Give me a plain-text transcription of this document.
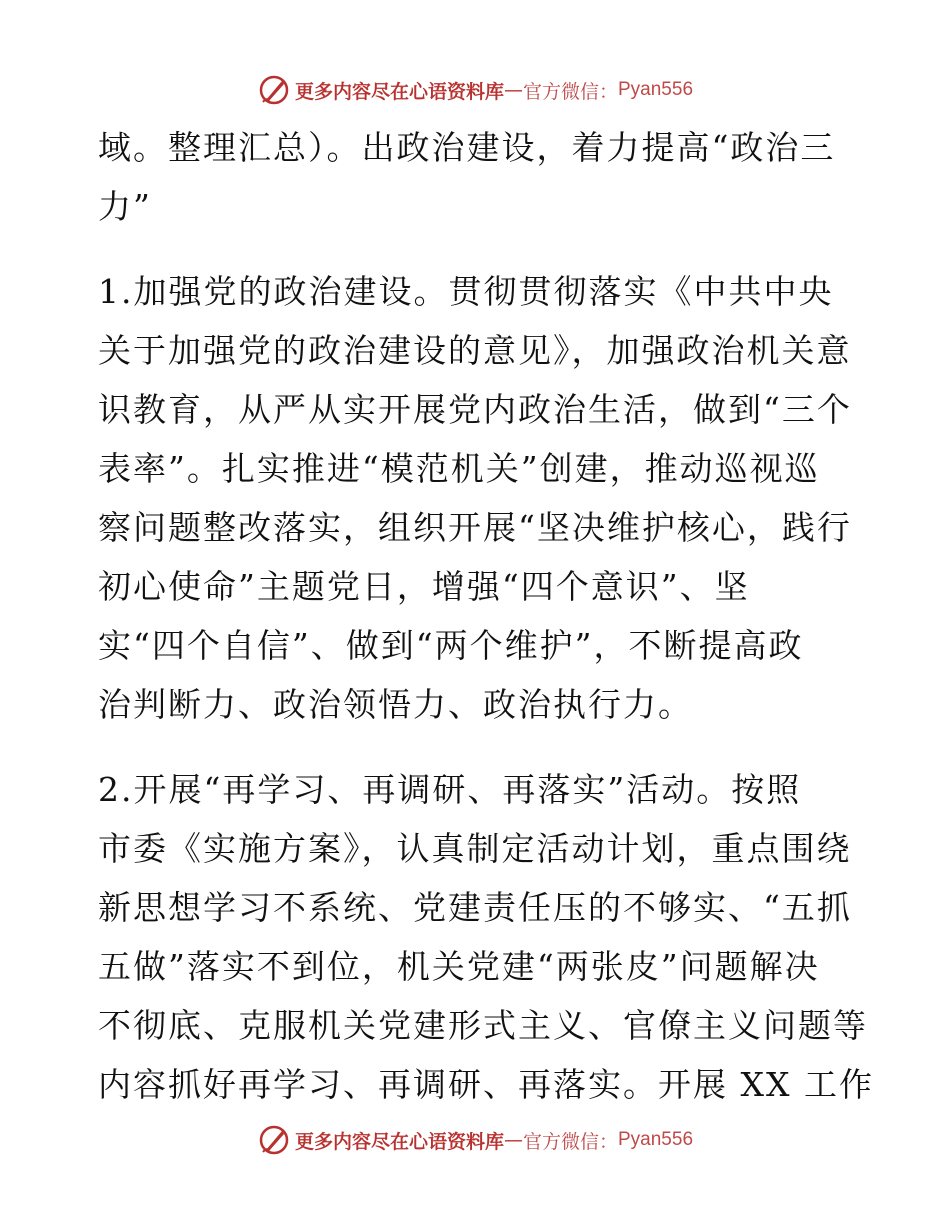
更多内容尽在心语资料库 — 官方微信： Pyan556

域。整理汇总）。出政治建设，着力提高“政治三
力”

1.加强党的政治建设。贯彻贯彻落实《中共中央
关于加强党的政治建设的意见》，加强政治机关意
识教育，从严从实开展党内政治生活，做到“三个
表率”。扎实推进“模范机关”创建，推动巡视巡
察问题整改落实，组织开展“坚决维护核心，践行
初心使命”主题党日，增强“四个意识”、坚
实“四个自信”、做到“两个维护”，不断提高政
治判断力、政治领悟力、政治执行力。

2.开展“再学习、再调研、再落实”活动。按照
市委《实施方案》，认真制定活动计划，重点围绕
新思想学习不系统、党建责任压的不够实、“五抓
五做”落实不到位，机关党建“两张皮”问题解决
不彻底、克服机关党建形式主义、官僚主义问题等
内容抓好再学习、再调研、再落实。开展 XX 工作

更多内容尽在心语资料库 — 官方微信： Pyan556
